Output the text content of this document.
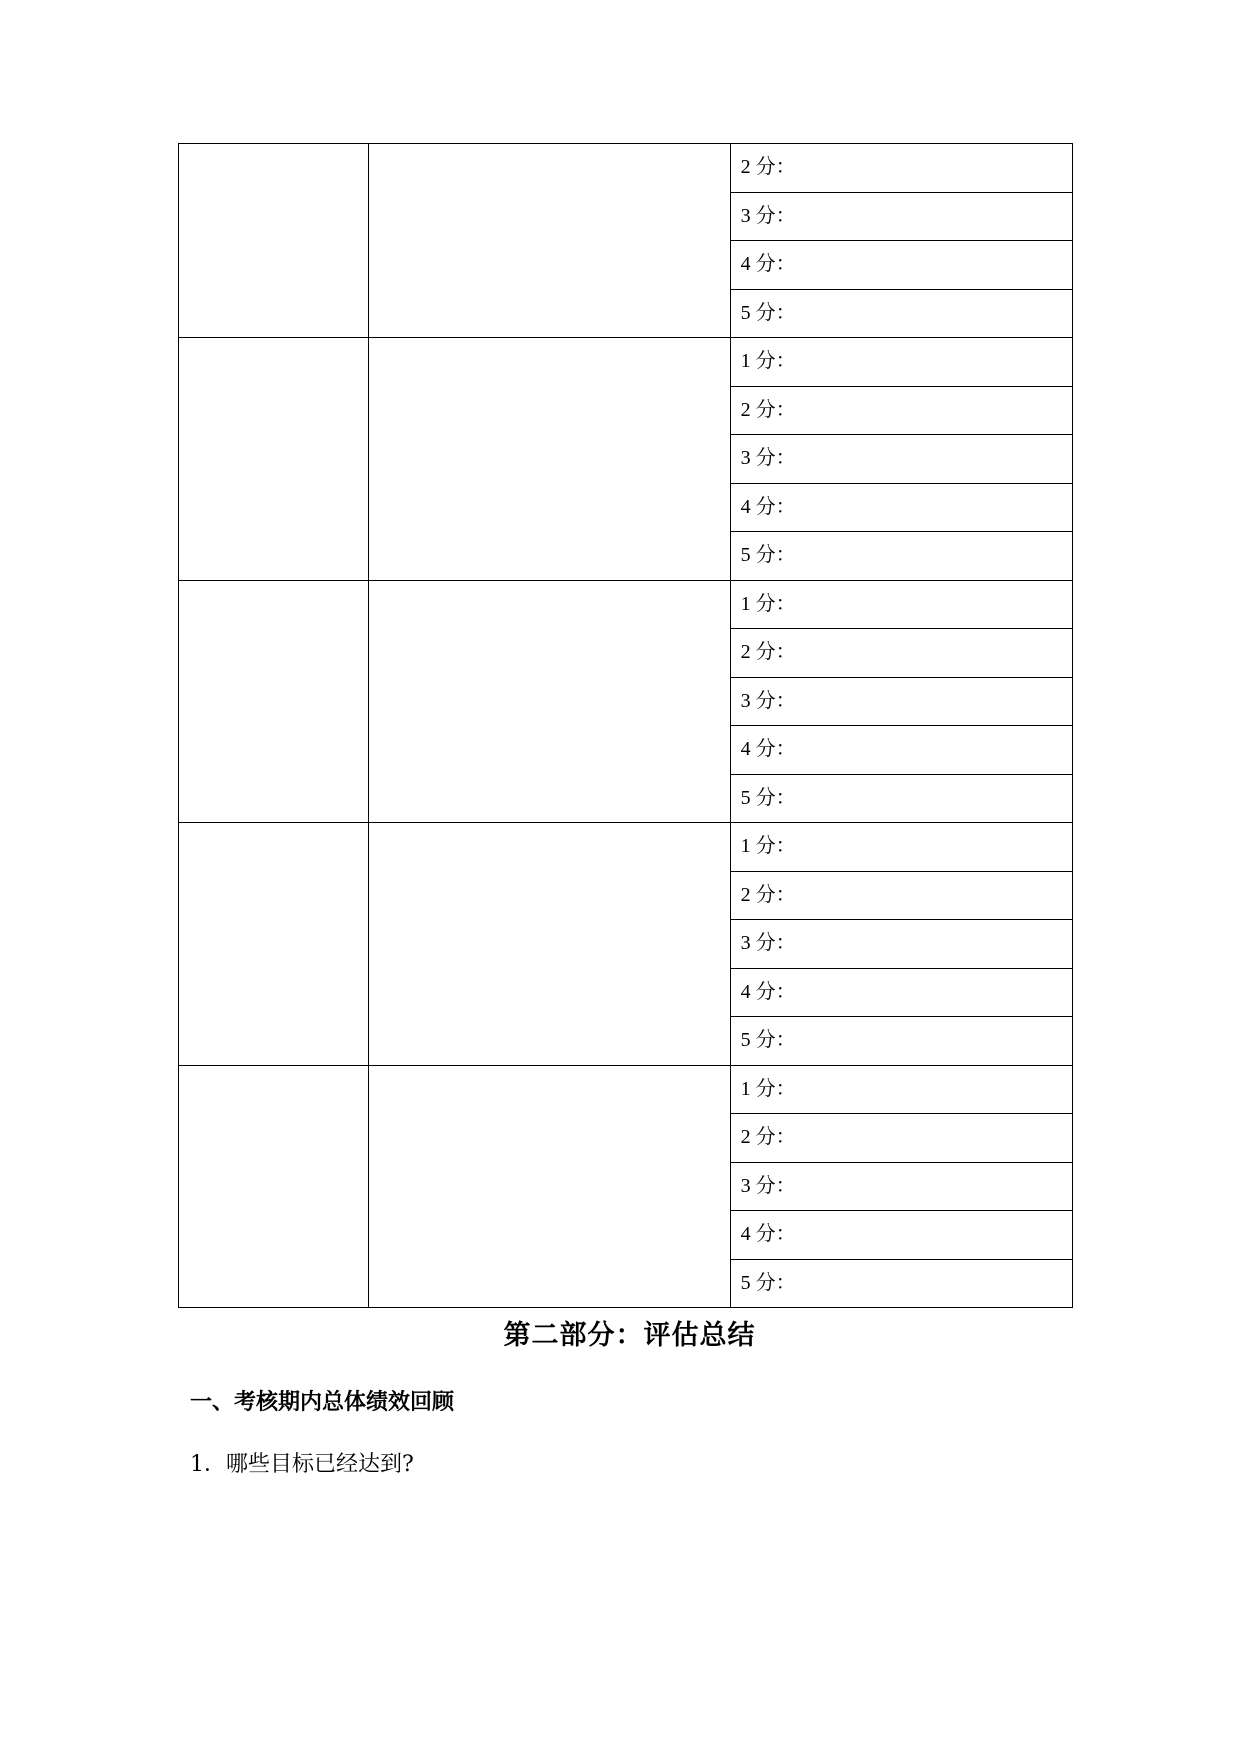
		2 分：
		3 分：
		4 分：
		5 分：
		1 分：
		2 分：
		3 分：
		4 分：
		5 分：
		1 分：
		2 分：
		3 分：
		4 分：
		5 分：
		1 分：
		2 分：
		3 分：
		4 分：
		5 分：
		1 分：
		2 分：
		3 分：
		4 分：
		5 分：
第二部分：评估总结
一、考核期内总体绩效回顾
1．哪些目标已经达到?
